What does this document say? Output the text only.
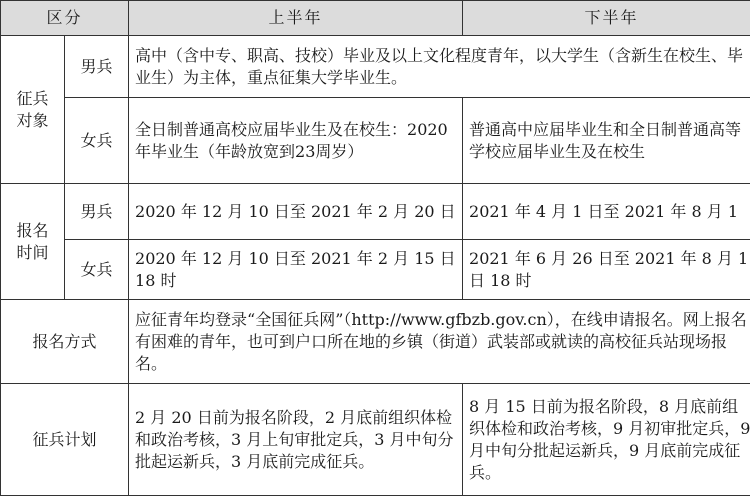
区分		上半年	下半年

征兵对象	男兵	高中（含中专、职高、技校）毕业及以上文化程度青年，以大学生（含新生在校生、毕业生）为主体，重点征集大学毕业生。	
	女兵	全日制普通高校应届毕业生及在校生：2020年毕业生（年龄放宽到23周岁）	普通高中应届毕业生和全日制普通高等学校应届毕业生及在校生

报名时间	男兵	2020 年 12 月 10 日至 2021 年 2 月 20 日	2021 年 4 月 1 日至 2021 年 8 月 1
	女兵	2020 年 12 月 10 日至 2021 年 2 月 15 日 18 时	2021 年 6 月 26 日至 2021 年 8 月 1 日 18 时
报名方式		应征青年均登录“全国征兵网”（http://www.gfbzb.gov.cn），在线申请报名。网上报名有困难的青年，也可到户口所在地的乡镇（街道）武装部或就读的高校征兵站现场报名。	
征兵计划		2 月 20 日前为报名阶段，2 月底前组织体检和政治考核，3 月上旬审批定兵，3 月中旬分批起运新兵，3 月底前完成征兵。	8 月 15 日前为报名阶段，8 月底前组织体检和政治考核，9 月初审批定兵，9 月中旬分批起运新兵，9 月底前完成征兵。
